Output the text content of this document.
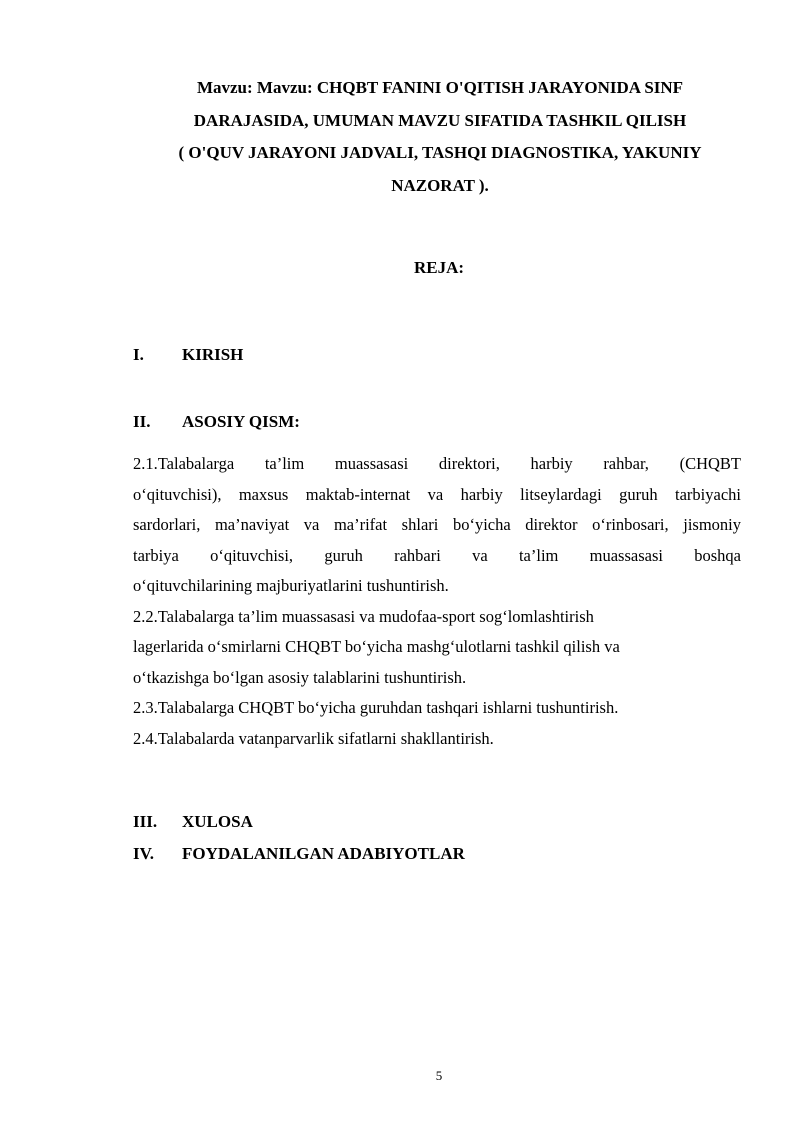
Mavzu: Mavzu: CHQBT FANINI O'QITISH JARAYONIDA SINF
DARAJASIDA, UMUMAN MAVZU SIFATIDA TASHKIL QILISH
( O'QUV JARAYONI JADVALI, TASHQI DIAGNOSTIKA, YAKUNIY
NAZORAT ).
REJA:
I. KIRISH
II. ASOSIY QISM:
2.1.Talabalarga ta’lim muassasasi direktori, harbiy rahbar, (CHQBT
o‘qituvchisi), maxsus maktab-internat va harbiy litseylardagi guruh tarbiyachi
sardorlari, ma’naviyat va ma’rifat shlari bo‘yicha direktor o‘rinbosari, jismoniy
tarbiya o‘qituvchisi, guruh rahbari va ta’lim muassasasi boshqa
o‘qituvchilarining majburiyatlarini tushuntirish.
2.2.Talabalarga ta’lim muassasasi va mudofaa-sport sog‘lomlashtirish
lagerlarida o‘smirlarni CHQBT bo‘yicha mashg‘ulotlarni tashkil qilish va
o‘tkazishga bo‘lgan asosiy talablarini tushuntirish.
2.3.Talabalarga CHQBT bo‘yicha guruhdan tashqari ishlarni tushuntirish.
2.4.Talabalarda vatanparvarlik sifatlarni shakllantirish.
III. XULOSA
IV. FOYDALANILGAN ADABIYOTLAR
5
